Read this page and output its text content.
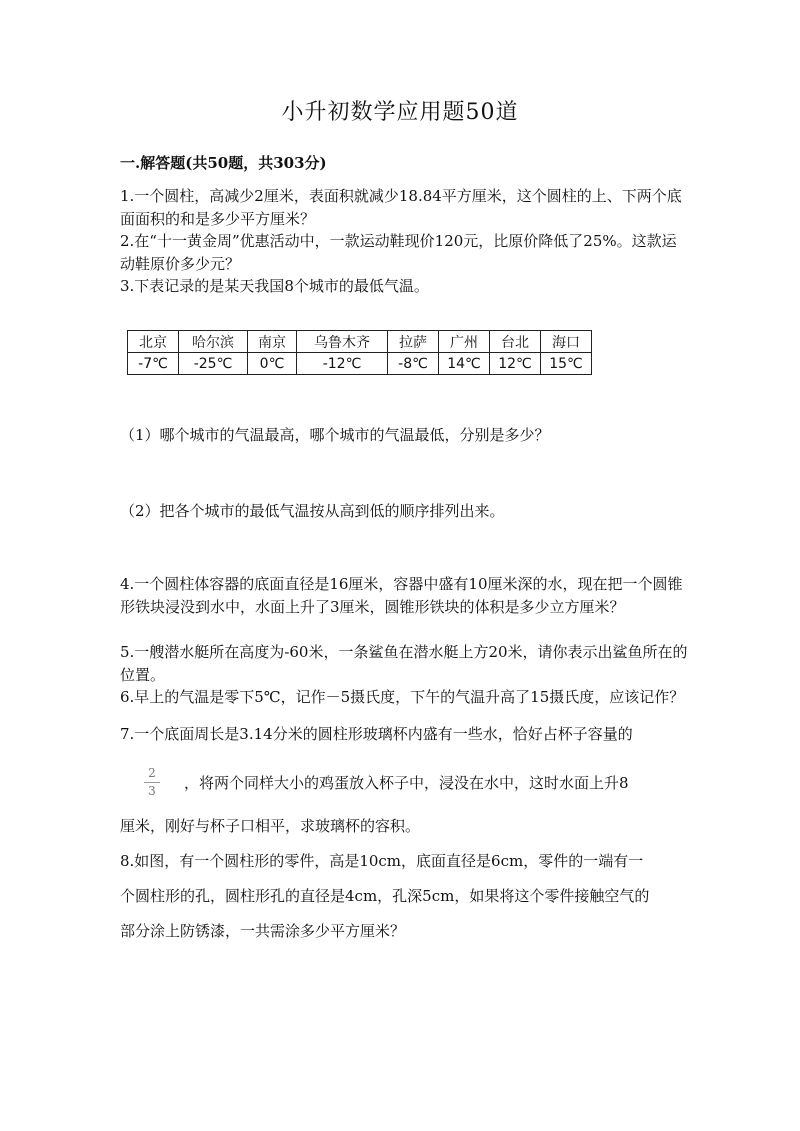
小升初数学应用题50道
一.解答题(共50题，共303分)

1.一个圆柱，高减少2厘米，表面积就减少18.84平方厘米，这个圆柱的上、下两个底面面积的和是多少平方厘米？

2.在“十一黄金周”优惠活动中，一款运动鞋现价120元，比原价降低了25%。这款运动鞋原价多少元？

3.下表记录的是某天我国8个城市的最低气温。
北京	哈尔滨	南京	乌鲁木齐	拉萨	广州	台北	海口
-7℃	-25℃	0℃	-12℃	-8℃	14℃	12℃	15℃
（1）哪个城市的气温最高，哪个城市的气温最低，分别是多少？
（2）把各个城市的最低气温按从高到低的顺序排列出来。

4.一个圆柱体容器的底面直径是16厘米，容器中盛有10厘米深的水，现在把一个圆锥形铁块浸没到水中，水面上升了3厘米，圆锥形铁块的体积是多少立方厘米？

5.一艘潜水艇所在高度为-60米，一条鲨鱼在潜水艇上方20米，请你表示出鲨鱼所在的位置。

6.早上的气温是零下5℃，记作－5摄氏度，下午的气温升高了15摄氏度，应该记作？

7.一个底面周长是3.14分米的圆柱形玻璃杯内盛有一些水，恰好占杯子容量的
2
3	，将两个同样大小的鸡蛋放入杯子中，浸没在水中，这时水面上升8
厘米，刚好与杯子口相平，求玻璃杯的容积。
8.如图，有一个圆柱形的零件，高是10cm，底面直径是6cm，零件的一端有一
个圆柱形的孔，圆柱形孔的直径是4cm，孔深5cm，如果将这个零件接触空气的
部分涂上防锈漆，一共需涂多少平方厘米？
